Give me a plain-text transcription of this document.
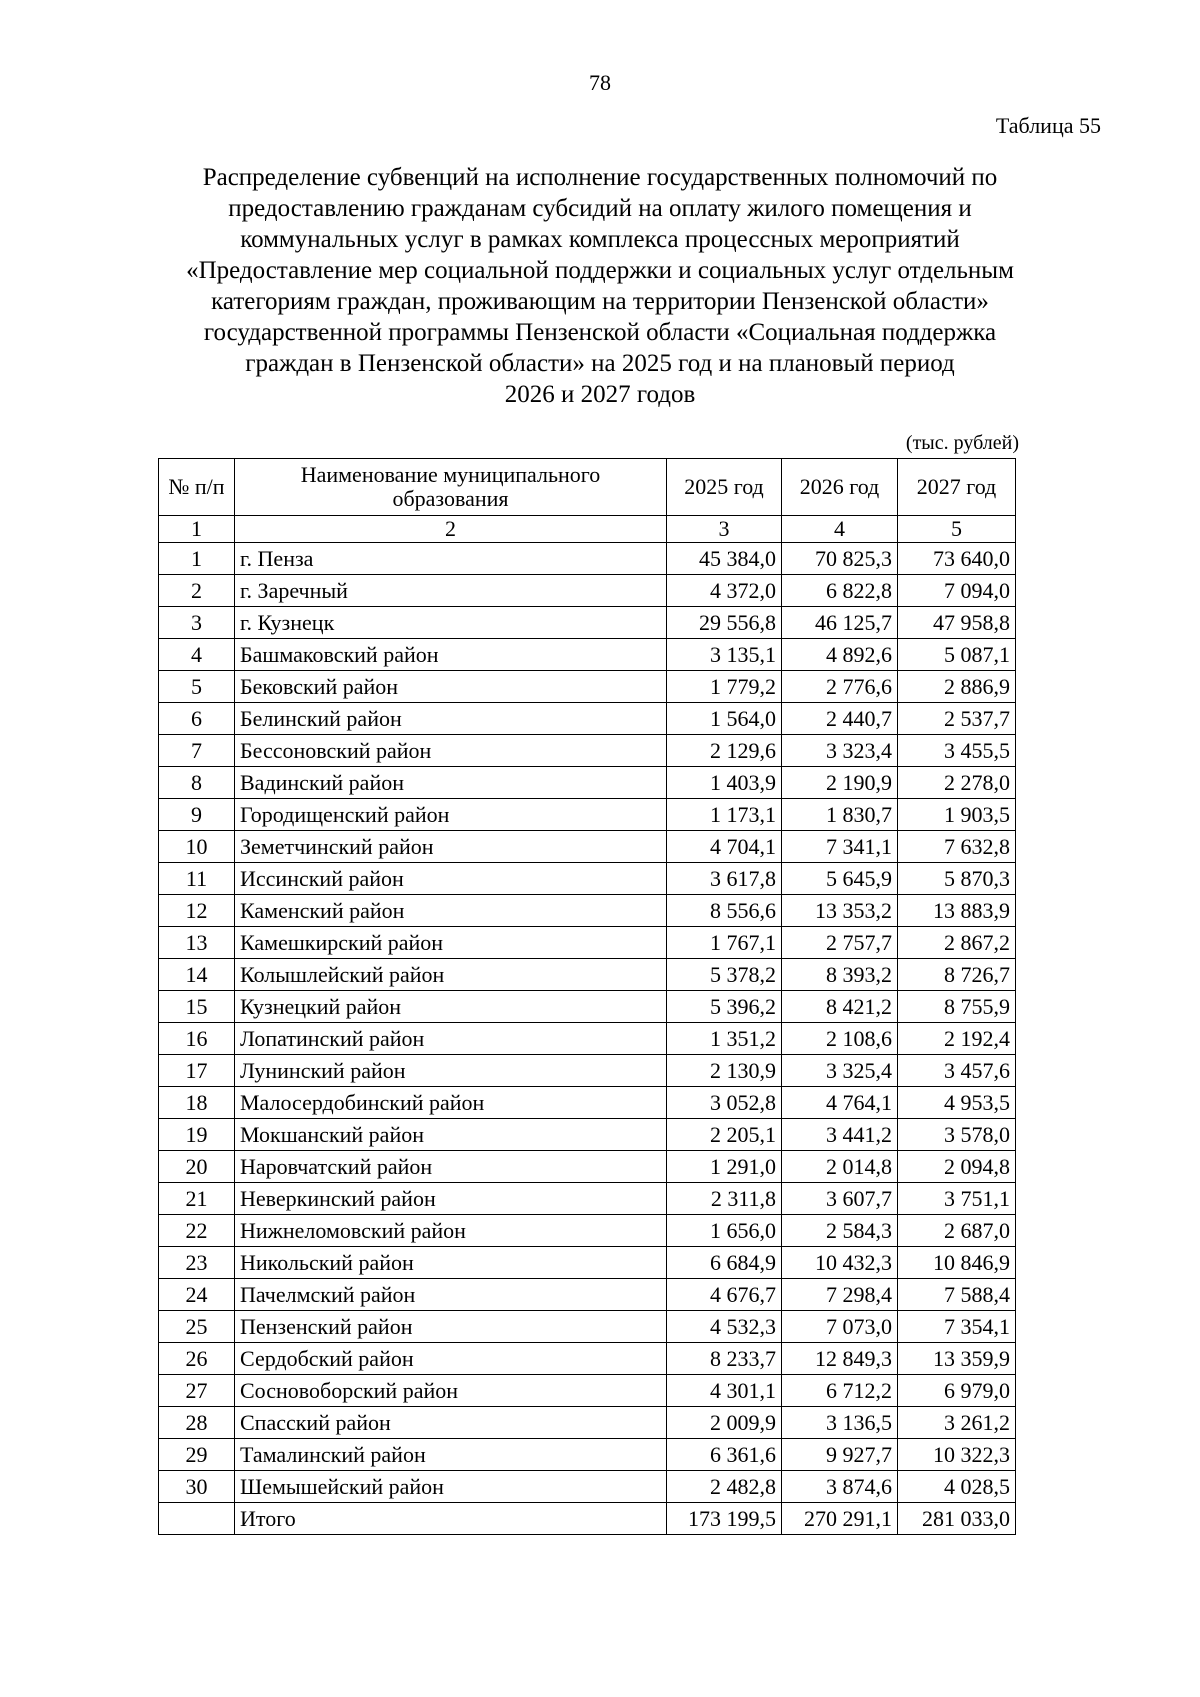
78
Таблица 55
Распределение субвенций на исполнение государственных полномочий по
предоставлению гражданам субсидий на оплату жилого помещения и
коммунальных услуг в рамках комплекса процессных мероприятий
«Предоставление мер социальной поддержки и социальных услуг отдельным
категориям граждан, проживающим на территории Пензенской области»
государственной программы Пензенской области «Социальная поддержка
граждан в Пензенской области» на 2025 год и на плановый период
2026 и 2027 годов
(тыс. рублей)
№ п/п	Наименование муниципального образования	2025 год	2026 год	2027 год
1	2	3	4	5
1	г. Пенза	45 384,0	70 825,3	73 640,0
2	г. Заречный	4 372,0	6 822,8	7 094,0
3	г. Кузнецк	29 556,8	46 125,7	47 958,8
4	Башмаковский район	3 135,1	4 892,6	5 087,1
5	Бековский район	1 779,2	2 776,6	2 886,9
6	Белинский район	1 564,0	2 440,7	2 537,7
7	Бессоновский район	2 129,6	3 323,4	3 455,5
8	Вадинский район	1 403,9	2 190,9	2 278,0
9	Городищенский район	1 173,1	1 830,7	1 903,5
10	Земетчинский район	4 704,1	7 341,1	7 632,8
11	Иссинский район	3 617,8	5 645,9	5 870,3
12	Каменский район	8 556,6	13 353,2	13 883,9
13	Камешкирский район	1 767,1	2 757,7	2 867,2
14	Колышлейский район	5 378,2	8 393,2	8 726,7
15	Кузнецкий район	5 396,2	8 421,2	8 755,9
16	Лопатинский район	1 351,2	2 108,6	2 192,4
17	Лунинский район	2 130,9	3 325,4	3 457,6
18	Малосердобинский район	3 052,8	4 764,1	4 953,5
19	Мокшанский район	2 205,1	3 441,2	3 578,0
20	Наровчатский район	1 291,0	2 014,8	2 094,8
21	Неверкинский район	2 311,8	3 607,7	3 751,1
22	Нижнеломовский район	1 656,0	2 584,3	2 687,0
23	Никольский район	6 684,9	10 432,3	10 846,9
24	Пачелмский район	4 676,7	7 298,4	7 588,4
25	Пензенский район	4 532,3	7 073,0	7 354,1
26	Сердобский район	8 233,7	12 849,3	13 359,9
27	Сосновоборский район	4 301,1	6 712,2	6 979,0
28	Спасский район	2 009,9	3 136,5	3 261,2
29	Тамалинский район	6 361,6	9 927,7	10 322,3
30	Шемышейский район	2 482,8	3 874,6	4 028,5
	Итого	173 199,5	270 291,1	281 033,0
